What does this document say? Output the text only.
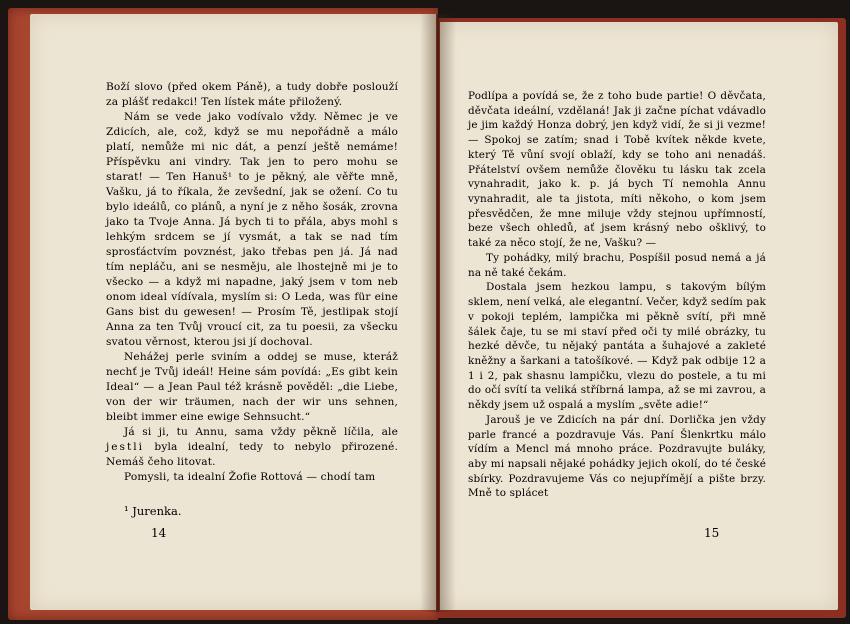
Boží slovo (před okem Páně), a tudy dobře poslouží za plášť redakci! Ten lístek máte přiložený.

Nám se vede jako vodívalo vždy. Němec je ve Zdicích, ale, což, když se mu nepořádně a málo platí, nemůže mi nic dát, a penzí ještě nemáme! Příspěvku ani vindry. Tak jen to pero mohu se starat! — Ten Hanuš¹ to je pěkný, ale věřte mně, Vašku, já to říkala, že zevšední, jak se ožení. Co tu bylo ideálů, co plánů, a nyní je z něho šosák, zrovna jako ta Tvoje Anna. Já bych ti to přála, abys mohl s lehkým srdcem se jí vysmát, a tak se nad tím sprosťáctvím povznést, jako třebas pen já. Já nad tím nepláču, ani se nesměju, ale lhostejně mi je to všecko — a když mi napadne, jaký jsem v tom neb onom ideal vídívala, myslím si: O Leda, was für eine Gans bist du gewesen! — Prosím Tě, jestlipak stojí Anna za ten Tvůj vroucí cit, za tu poesii, za všecku svatou věrnost, kterou jsi jí dochoval.

Nehážej perle sviním a oddej se muse, kteráž nechť je Tvůj ideál! Heine sám povídá: „Es gibt kein Ideal“ — a Jean Paul též krásně pověděl: „die Liebe, von der wir träumen, nach der wir uns sehnen, bleibt immer eine ewige Sehnsucht.“

Já si ji, tu Annu, sama vždy pěkně líčila, ale jestli byla idealní, tedy to nebylo přirozené. Nemáš čeho litovat.

Pomysli, ta idealní Žofie Rottová — chodí tam

¹ Jurenka.
14

Podlípa a povídá se, že z toho bude partie! O děvčata, děvčata ideální, vzdělaná! Jak ji začne píchat vdávadlo je jim každý Honza dobrý, jen když vidí, že si ji vezme! — Spokoj se zatím; snad i Tobě kvítek někde kvete, který Tě vůní svojí oblaží, kdy se toho ani nenadáš. Přátelství ovšem nemůže člověku tu lásku tak zcela vynahradit, jako k. p. já bych Tí nemohla Annu vynahradit, ale ta jistota, míti někoho, o kom jsem přesvědčen, že mne miluje vždy stejnou upřímností, beze všech ohledů, ať jsem krásný nebo ošklivý, to také za něco stojí, že ne, Vašku? —

Ty pohádky, milý brachu, Pospíšil posud nemá a já na ně také čekám.

Dostala jsem hezkou lampu, s takovým bílým sklem, není velká, ale elegantní. Večer, když sedím pak v pokoji teplém, lampička mi pěkně svítí, při mně šálek čaje, tu se mi staví před oči ty milé obrázky, tu hezké děvče, tu nějaký pantáta a šuhajové a zakleté kněžny a šarkani a tatošíkové. — Když pak odbije 12 a 1 i 2, pak shasnu lampičku, vlezu do postele, a tu mi do očí svítí ta veliká stříbrná lampa, až se mi zavrou, a někdy jsem už ospalá a myslím „světe adie!“

Jarouš je ve Zdicích na pár dní. Dorlička jen vždy parle francé a pozdravuje Vás. Paní Šlenkrtku málo vídím a Mencl má mnoho práce. Pozdravujte buláky, aby mi napsali nějaké pohádky jejich okolí, do té české sbírky. Pozdravujeme Vás co nejupřímějí a pište brzy. Mně to splácet

15
